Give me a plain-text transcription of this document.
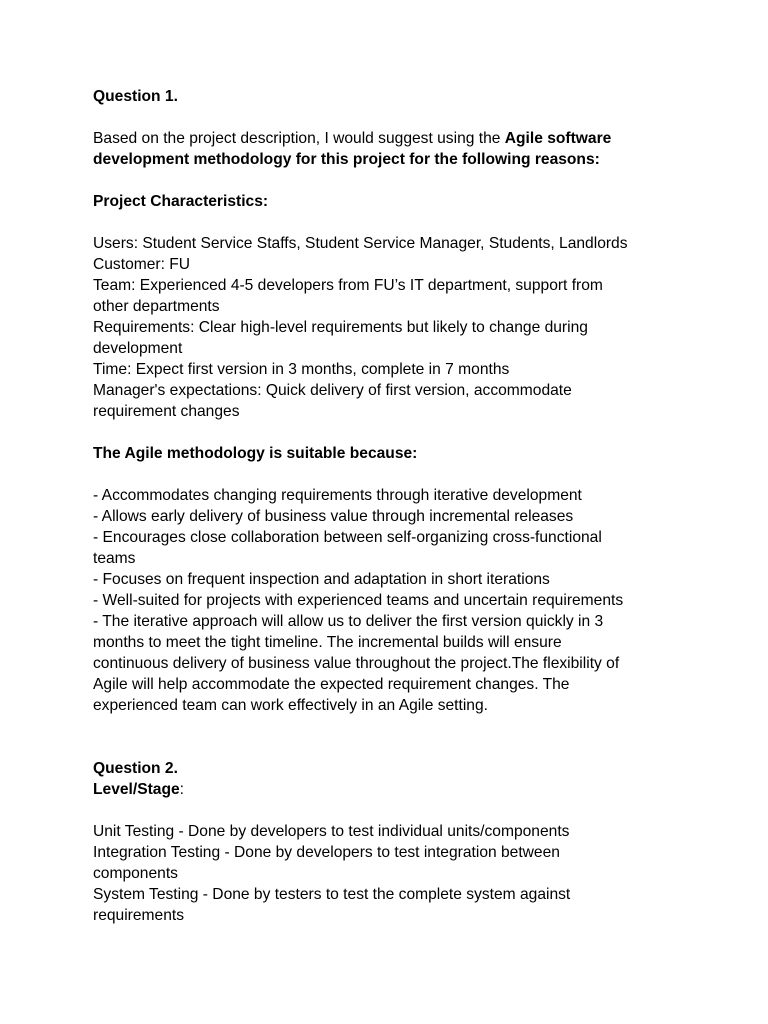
Question 1.
Based on the project description, I would suggest using the Agile software
development methodology for this project for the following reasons:
Project Characteristics:
Users: Student Service Staffs, Student Service Manager, Students, Landlords
Customer: FU
Team: Experienced 4-5 developers from FU’s IT department, support from
other departments
Requirements: Clear high-level requirements but likely to change during
development
Time: Expect first version in 3 months, complete in 7 months
Manager's expectations: Quick delivery of first version, accommodate
requirement changes
The Agile methodology is suitable because:
- Accommodates changing requirements through iterative development
- Allows early delivery of business value through incremental releases
- Encourages close collaboration between self-organizing cross-functional
teams
- Focuses on frequent inspection and adaptation in short iterations
- Well-suited for projects with experienced teams and uncertain requirements
- The iterative approach will allow us to deliver the first version quickly in 3
months to meet the tight timeline. The incremental builds will ensure
continuous delivery of business value throughout the project.The flexibility of
Agile will help accommodate the expected requirement changes. The
experienced team can work effectively in an Agile setting.
Question 2.
Level/Stage:
Unit Testing - Done by developers to test individual units/components
Integration Testing - Done by developers to test integration between
components
System Testing - Done by testers to test the complete system against
requirements
